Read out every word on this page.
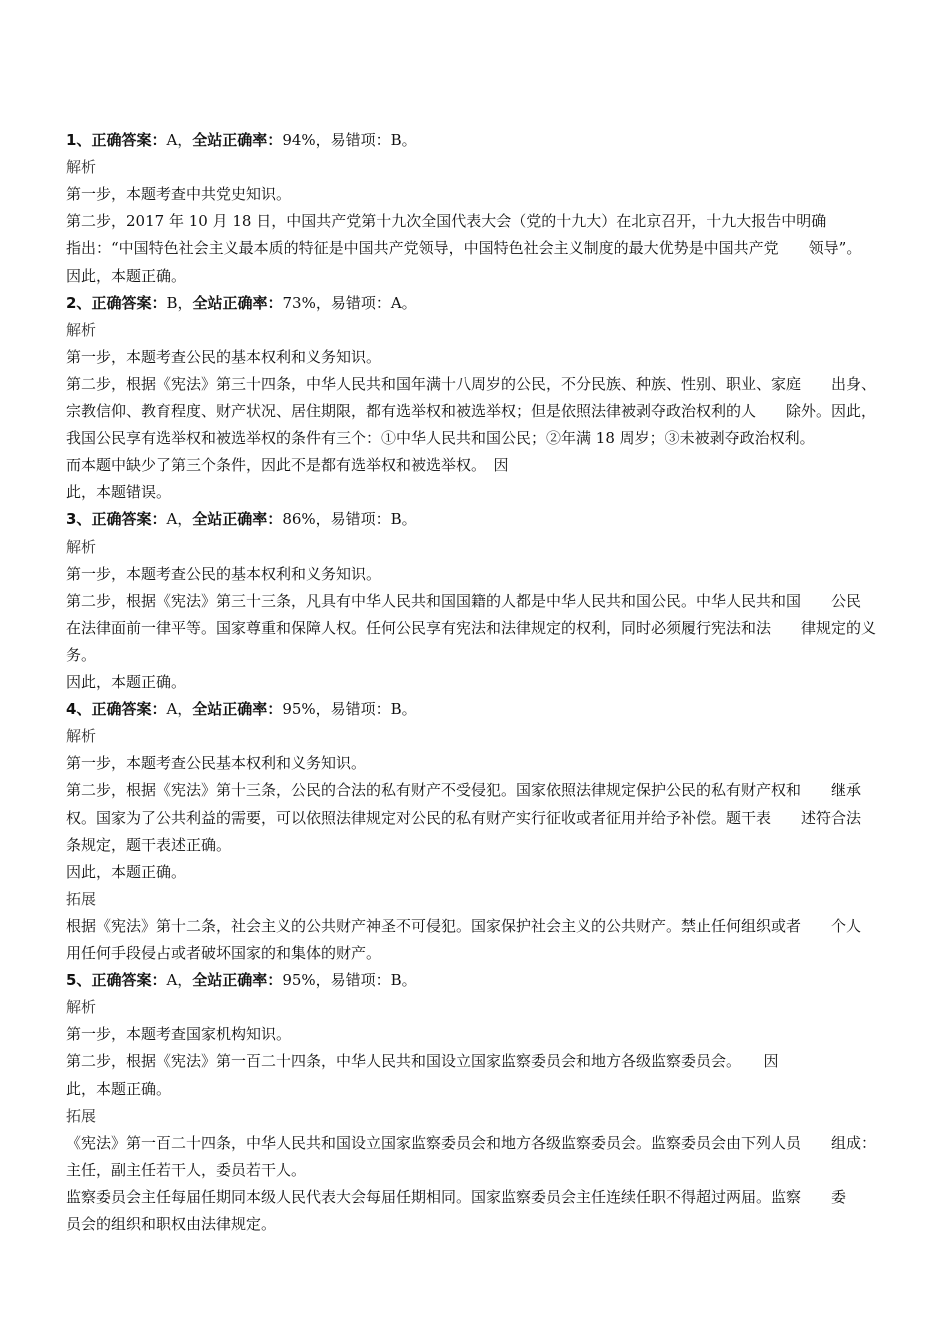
1、正确答案：A，全站正确率：94%，易错项：B。
解析
第一步，本题考查中共党史知识。
第二步，2017 年 10 月 18 日，中国共产党第十九次全国代表大会（党的十九大）在北京召开，十九大报告中明确
指出：“中国特色社会主义最本质的特征是中国共产党领导，中国特色社会主义制度的最大优势是中国共产党　　领导”。
因此，本题正确。
2、正确答案：B，全站正确率：73%，易错项：A。
解析
第一步，本题考查公民的基本权利和义务知识。
第二步，根据《宪法》第三十四条，中华人民共和国年满十八周岁的公民，不分民族、种族、性别、职业、家庭　　出身、
宗教信仰、教育程度、财产状况、居住期限，都有选举权和被选举权；但是依照法律被剥夺政治权利的人　　除外。因此，
我国公民享有选举权和被选举权的条件有三个：①中华人民共和国公民；②年满 18 周岁；③未被剥夺政治权利。
而本题中缺少了第三个条件，因此不是都有选举权和被选举权。　因
此，本题错误。
3、正确答案：A，全站正确率：86%，易错项：B。
解析
第一步，本题考查公民的基本权利和义务知识。
第二步，根据《宪法》第三十三条，凡具有中华人民共和国国籍的人都是中华人民共和国公民。中华人民共和国　　公民
在法律面前一律平等。国家尊重和保障人权。任何公民享有宪法和法律规定的权利，同时必须履行宪法和法　　律规定的义
务。
因此，本题正确。
4、正确答案：A，全站正确率：95%，易错项：B。
解析
第一步，本题考查公民基本权利和义务知识。
第二步，根据《宪法》第十三条，公民的合法的私有财产不受侵犯。国家依照法律规定保护公民的私有财产权和　　继承
权。国家为了公共利益的需要，可以依照法律规定对公民的私有财产实行征收或者征用并给予补偿。题干表　　述符合法
条规定，题干表述正确。
因此，本题正确。
拓展
根据《宪法》第十二条，社会主义的公共财产神圣不可侵犯。国家保护社会主义的公共财产。禁止任何组织或者　　个人
用任何手段侵占或者破坏国家的和集体的财产。
5、正确答案：A，全站正确率：95%，易错项：B。
解析
第一步，本题考查国家机构知识。
第二步，根据《宪法》第一百二十四条，中华人民共和国设立国家监察委员会和地方各级监察委员会。　　因
此，本题正确。
拓展
《宪法》第一百二十四条，中华人民共和国设立国家监察委员会和地方各级监察委员会。监察委员会由下列人员　　组成：
主任，副主任若干人，委员若干人。
监察委员会主任每届任期同本级人民代表大会每届任期相同。国家监察委员会主任连续任职不得超过两届。监察　　委
员会的组织和职权由法律规定。
